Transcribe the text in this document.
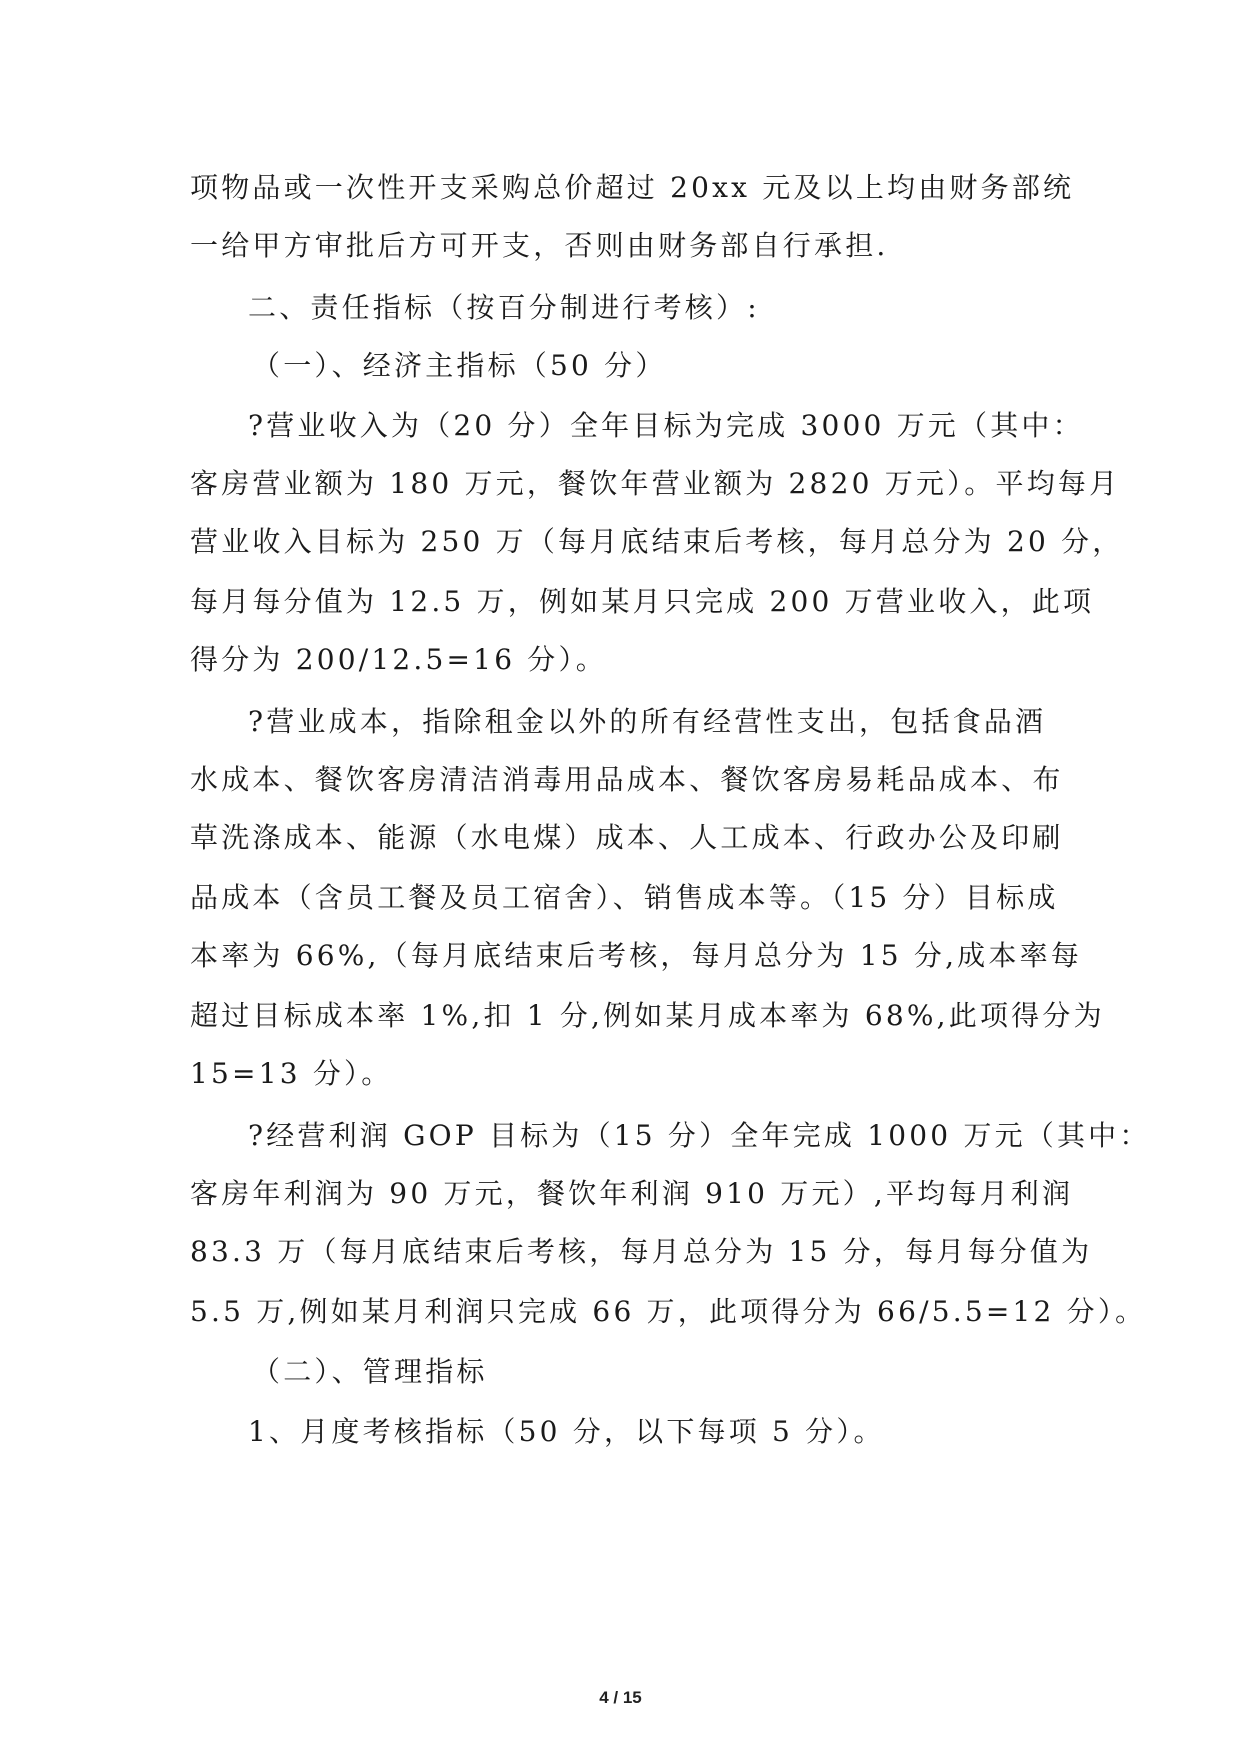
项物品或一次性开支采购总价超过 20xx 元及以上均由财务部统
一给甲方审批后方可开支，否则由财务部自行承担.
二、责任指标（按百分制进行考核）:
（一）、经济主指标（50 分）
?营业收入为（20 分）全年目标为完成 3000 万元（其中：
客房营业额为 180 万元，餐饮年营业额为 2820 万元）。平均每月
营业收入目标为 250 万（每月底结束后考核，每月总分为 20 分，
每月每分值为 12.5 万，例如某月只完成 200 万营业收入，此项
得分为 200/12.5=16 分）。
?营业成本，指除租金以外的所有经营性支出，包括食品酒
水成本、餐饮客房清洁消毒用品成本、餐饮客房易耗品成本、布
草洗涤成本、能源（水电煤）成本、人工成本、行政办公及印刷
品成本（含员工餐及员工宿舍）、销售成本等。（15 分）目标成
本率为 66%,（每月底结束后考核，每月总分为 15 分,成本率每
超过目标成本率 1%,扣 1 分,例如某月成本率为 68%,此项得分为
15=13 分）。
?经营利润 GOP 目标为（15 分）全年完成 1000 万元（其中：
客房年利润为 90 万元，餐饮年利润 910 万元）,平均每月利润
83.3 万（每月底结束后考核，每月总分为 15 分，每月每分值为
5.5 万,例如某月利润只完成 66 万，此项得分为 66/5.5=12 分）。
（二）、管理指标
1、月度考核指标（50 分，以下每项 5 分）。
4 / 15
